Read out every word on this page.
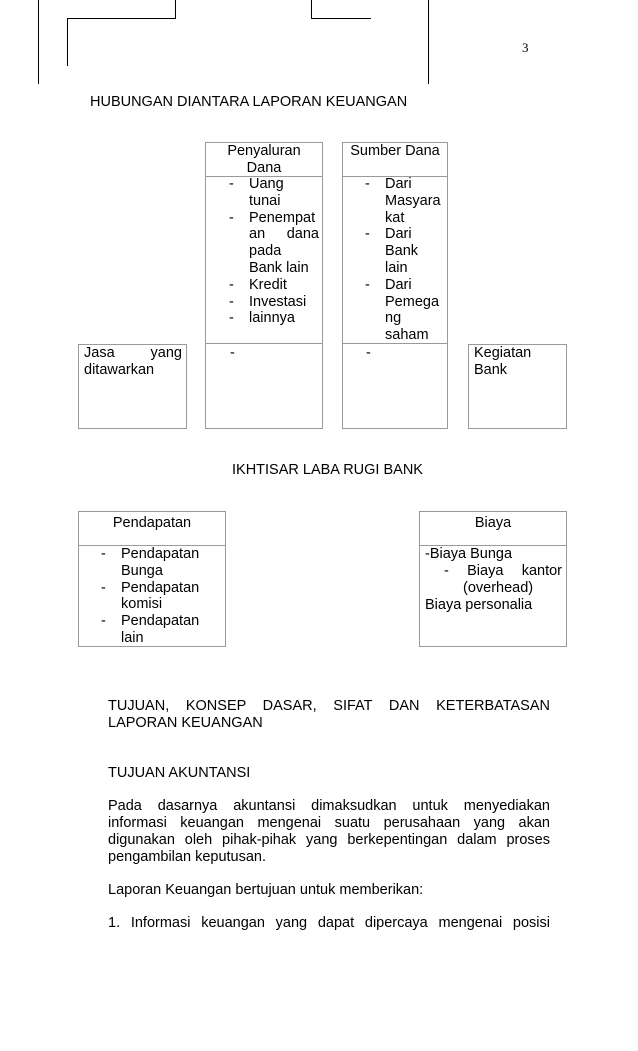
3
HUBUNGAN DIANTARA LAPORAN KEUANGAN
Penyaluran
Dana
- Uang
tunai
- Penempat
an dana
pada
Bank lain
- Kredit
- Investasi
- lainnya
-
Sumber Dana
- Dari
Masyara
kat
- Dari
Bank
lain
- Dari
Pemega
ng
saham
-
Jasa yang
ditawarkan
Kegiatan
Bank
IKHTISAR LABA RUGI BANK
Pendapatan
- Pendapatan
Bunga
- Pendapatan
komisi
- Pendapatan
lain
Biaya
-Biaya Bunga
- Biaya kantor
(overhead)
Biaya personalia
TUJUAN, KONSEP DASAR, SIFAT DAN KETERBATASAN
LAPORAN KEUANGAN
TUJUAN AKUNTANSI
Pada dasarnya akuntansi dimaksudkan untuk menyediakan
informasi keuangan mengenai suatu perusahaan yang akan
digunakan oleh pihak-pihak yang berkepentingan dalam proses
pengambilan keputusan.
Laporan Keuangan bertujuan untuk memberikan:
1. Informasi keuangan yang dapat dipercaya mengenai posisi
